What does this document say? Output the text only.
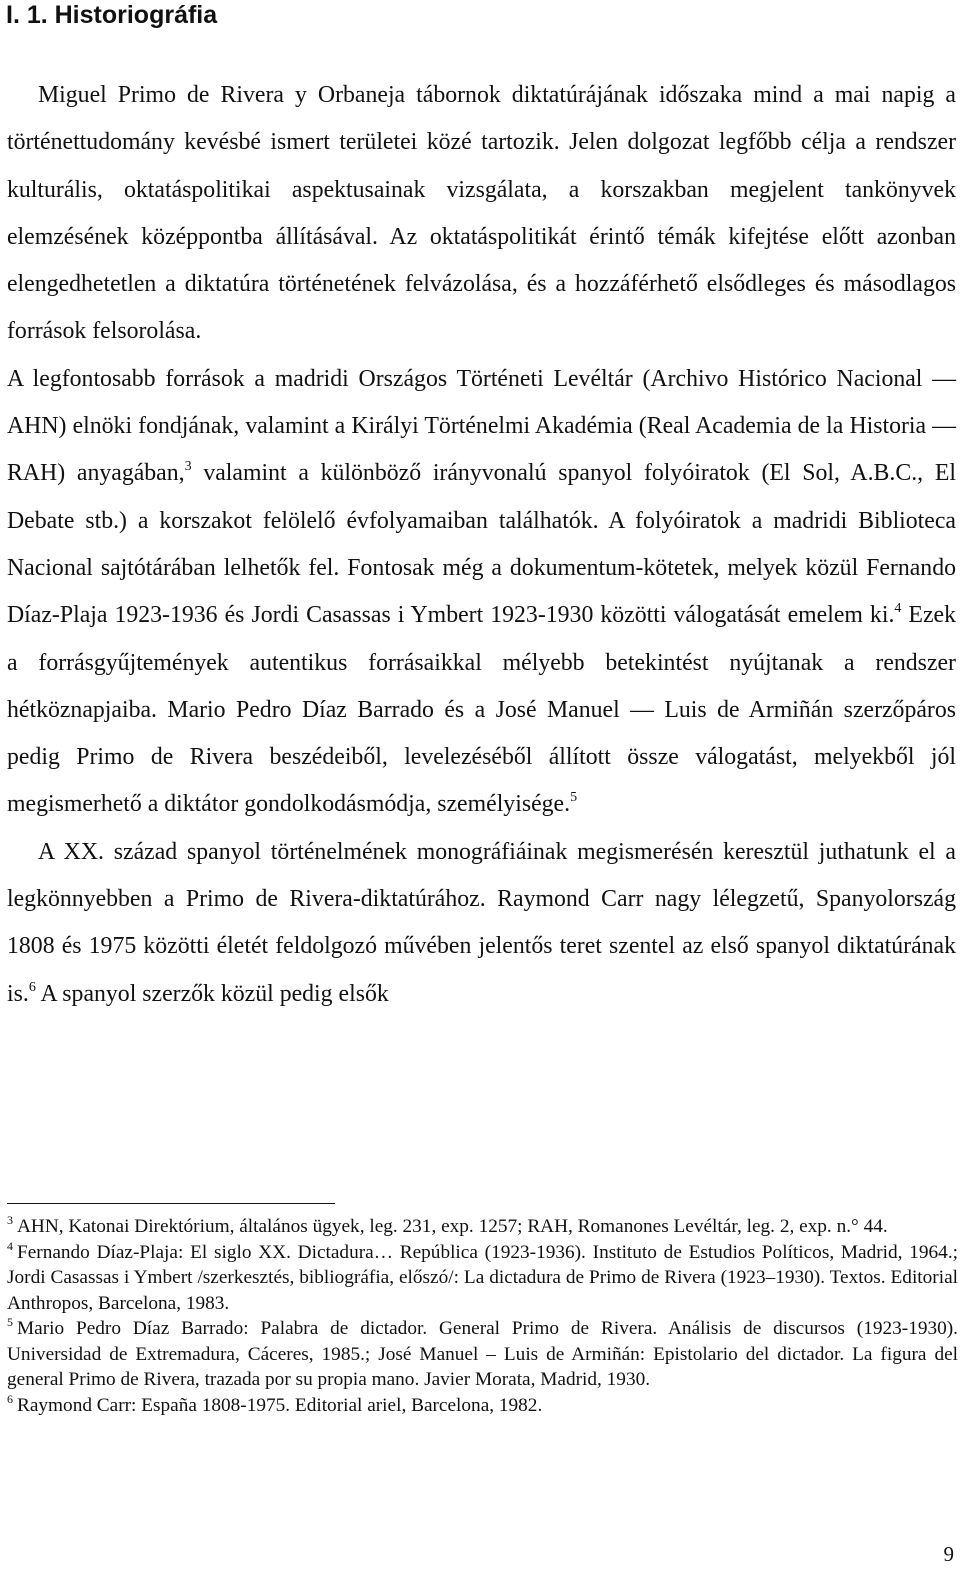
I. 1. Historiográfia

Miguel Primo de Rivera y Orbaneja tábornok diktatúrájának időszaka mind a mai napig a történettudomány kevésbé ismert területei közé tartozik. Jelen dolgozat legfőbb célja a rendszer kulturális, oktatáspolitikai aspektusainak vizsgálata, a korszakban megjelent tankönyvek elemzésének középpontba állításával. Az oktatáspolitikát érintő témák kifejtése előtt azonban elengedhetetlen a diktatúra történetének felvázolása, és a hozzáférhető elsődleges és másodlagos források felsorolása.

A legfontosabb források a madridi Országos Történeti Levéltár (Archivo Histórico Nacional — AHN) elnöki fondjának, valamint a Királyi Történelmi Akadémia (Real Academia de la Historia — RAH) anyagában,$^3$ valamint a különböző irányvonalú spanyol folyóiratok (El Sol, A.B.C., El Debate stb.) a korszakot felölelő évfolyamaiban találhatók. A folyóiratok a madridi Biblioteca Nacional sajtótárában lelhetők fel. Fontosak még a dokumentum-kötetek, melyek közül Fernando Díaz-Plaja 1923-1936 és Jordi Casassas i Ymbert 1923-1930 közötti válogatását emelem ki.$^4$ Ezek a forrásgyűjtemények autentikus forrásaikkal mélyebb betekintést nyújtanak a rendszer hétköznapjaiba. Mario Pedro Díaz Barrado és a José Manuel — Luis de Armiñán szerzőpáros pedig Primo de Rivera beszédeiből, levelezéséből állított össze válogatást, melyekből jól megismerhető a diktátor gondolkodásmódja, személyisége.$^5$

A XX. század spanyol történelmének monográfiáinak megismerésén keresztül juthatunk el a legkönnyebben a Primo de Rivera-diktatúrához. Raymond Carr nagy lélegzetű, Spanyolország 1808 és 1975 közötti életét feldolgozó művében jelentős teret szentel az első spanyol diktatúrának is.$^6$ A spanyol szerzők közül pedig elsők

$^3$ AHN, Katonai Direktórium, általános ügyek, leg. 231, exp. 1257; RAH, Romanones Levéltár, leg. 2, exp. n.° 44.

$^4$ Fernando Díaz-Plaja: El siglo XX. Dictadura… República (1923-1936). Instituto de Estudios Políticos, Madrid, 1964.; Jordi Casassas i Ymbert /szerkesztés, bibliográfia, előszó/: La dictadura de Primo de Rivera (1923–1930). Textos. Editorial Anthropos, Barcelona, 1983.

$^5$ Mario Pedro Díaz Barrado: Palabra de dictador. General Primo de Rivera. Análisis de discursos (1923-1930). Universidad de Extremadura, Cáceres, 1985.; José Manuel – Luis de Armiñán: Epistolario del dictador. La figura del general Primo de Rivera, trazada por su propia mano. Javier Morata, Madrid, 1930.

$^6$ Raymond Carr: España 1808-1975. Editorial ariel, Barcelona, 1982.

9
